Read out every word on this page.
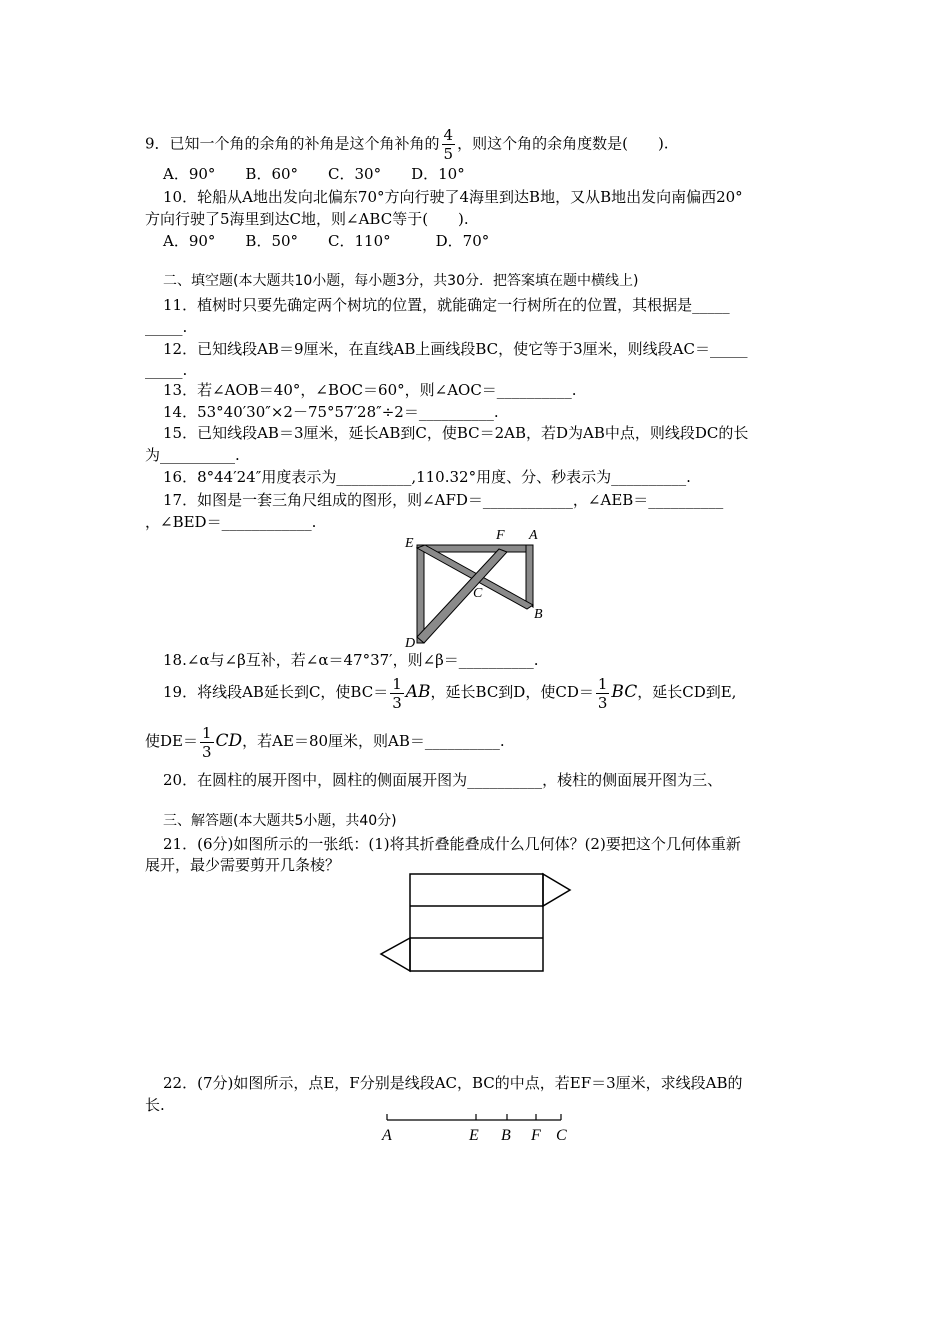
9．已知一个角的余角的补角是这个角补角的 $\frac{4}{5}$ ，则这个角的余角度数是(　　).
A．90°　　B．60°　　C．30°　　D．10°
10．轮船从A地出发向北偏东70°方向行驶了4海里到达B地，又从B地出发向南偏西20°
方向行驶了5海里到达C地，则∠ABC等于(　　).
A．90°　　B．50°　　C．110°　　　D．70°
二、填空题(本大题共10小题，每小题3分，共30分．把答案填在题中横线上)
11．植树时只要先确定两个树坑的位置，就能确定一行树所在的位置，其根据是_____
_____.
12．已知线段AB＝9厘米，在直线AB上画线段BC，使它等于3厘米，则线段AC＝_____
_____.
13．若∠AOB＝40°，∠BOC＝60°，则∠AOC＝__________.
14．53°40′30″×2－75°57′28″÷2＝__________.
15．已知线段AB＝3厘米，延长AB到C，使BC＝2AB，若D为AB中点，则线段DC的长
为__________.
16．8°44′24″用度表示为__________,110.32°用度、分、秒表示为__________.
17．如图是一套三角尺组成的图形，则∠AFD＝____________，∠AEB＝__________
，∠BED＝____________.
E
F A
C
B
D
18.∠α与∠β互补，若∠α＝47°37′，则∠β＝__________.
19．将线段AB延长到C，使$BC= \frac{1}{3}$ AB，延长BC到D，使$CD= \frac{1}{3}$ BC，延长CD到E,
使$DE= \frac{1}{3}$ CD，若AE＝80厘米，则AB＝__________.
20．在圆柱的展开图中，圆柱的侧面展开图为__________，棱柱的侧面展开图为三、
三、解答题(本大题共5小题，共40分)
21．(6分)如图所示的一张纸：(1)将其折叠能叠成什么几何体？(2)要把这个几何体重新
展开，最少需要剪开几条棱？
22．(7分)如图所示，点E，F分别是线段AC，BC的中点，若EF＝3厘米，求线段AB的
长.
A	E B F C
